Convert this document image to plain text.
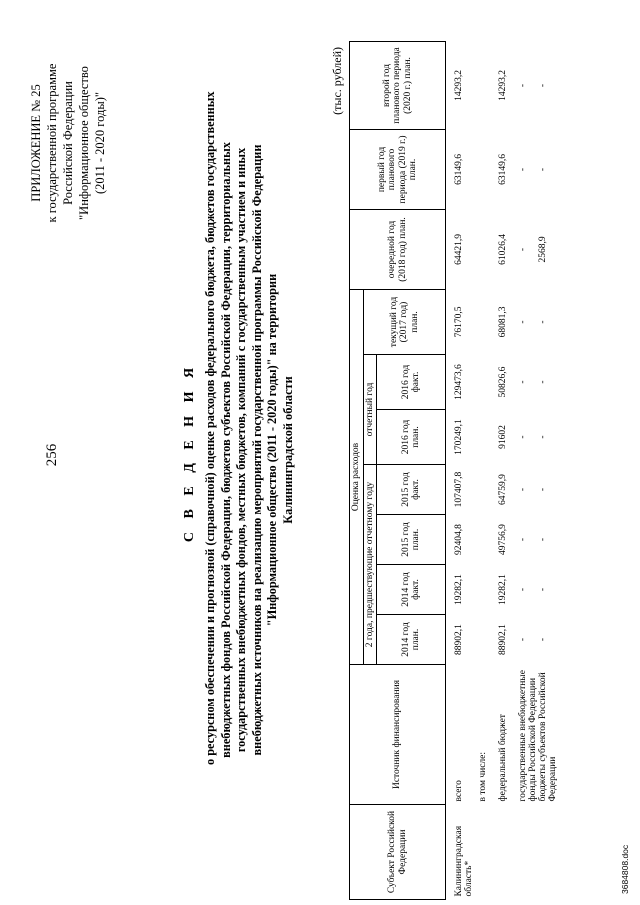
256
ПРИЛОЖЕНИЕ № 25 к государственной программе Российской Федерации "Информационное общество (2011 - 2020 годы)"
С В Е Д Е Н И Я о ресурсном обеспечении и прогнозной (справочной) оценке расходов федерального бюджета, бюджетов государственных внебюджетных фондов Российской Федерации, бюджетов субъектов Российской Федерации, территориальных государственных внебюджетных фондов, местных бюджетов, компаний с государственным участием и иных внебюджетных источников на реализацию мероприятий государственной программы Российской Федерации "Информационное общество (2011 - 2020 годы)" на территории Калининградской области
(тыс. рублей)
Субъект Российской Федерации	Источник финансирования	Оценка расходов							очередной год (2018 год) план.	первый год планового периода (2019 г.) план.	второй год планового периода (2020 г.) план.
		2 года, предшествующие отчетному году				отчетный год		текущий год (2017 год) план.			
		2014 год план.	2014 год факт.	2015 год план.	2015 год факт.	2016 год план.	2016 год факт.				
Калининградская область*	всего	88902,1	19282,1	92404,8	107407,8	170249,1	129473,6	76170,5	64421,9	63149,6	14293,2
	в том числе:										
	федеральный бюджет	88902,1	19282,1	49756,9	64759,9	91602	50826,6	68081,3	61026,4	63149,6	14293,2
	государственные внебюджетные фонды Российской Федерации	-	-	-	-	-	-	-	-	-	-
	бюджеты субъектов Российской Федерации	-	-	-	-	-	-	-	2568,9	-	-
3684808.doc
